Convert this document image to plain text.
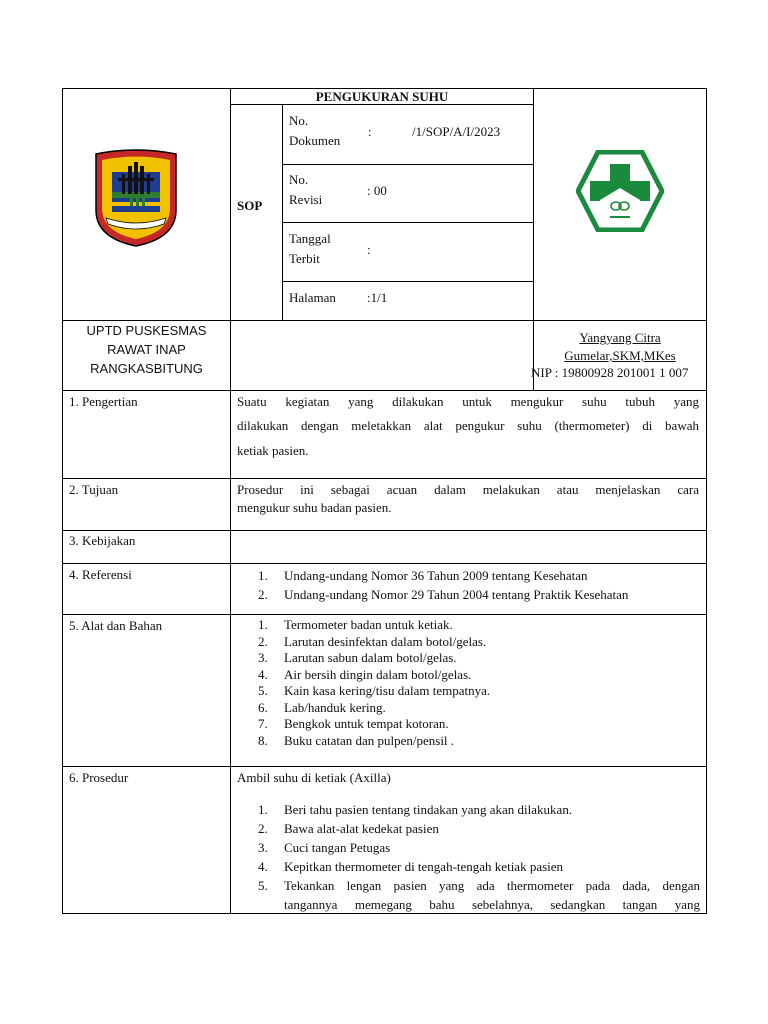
PENGUKURAN SUHU
SOP
No.
Dokumen
:	/1/SOP/A/I/2023
No.
Revisi
: 00
Tanggal
Terbit
:
Halaman :1/1
UPTD PUSKESMAS
RAWAT INAP
RANGKASBITUNG
Yangyang Citra
Gumelar,SKM,MKes
NIP : 19800928 201001 1 007
1. Pengertian	Suatu kegiatan yang dilakukan untuk mengukur suhu tubuh yang
dilakukan dengan meletakkan alat pengukur suhu (thermometer) di bawah
ketiak pasien.
2. Tujuan	Prosedur ini sebagai acuan dalam melakukan atau menjelaskan cara
mengukur suhu badan pasien.
3. Kebijakan
4. Referensi	1. Undang-undang Nomor 36 Tahun 2009 tentang Kesehatan
2. Undang-undang Nomor 29 Tahun 2004 tentang Praktik Kesehatan
5. Alat dan Bahan	1. Termometer badan untuk ketiak.
2. Larutan desinfektan dalam botol/gelas.
3. Larutan sabun dalam botol/gelas.
4. Air bersih dingin dalam botol/gelas.
5. Kain kasa kering/tisu dalam tempatnya.
6. Lab/handuk kering.
7. Bengkok untuk tempat kotoran.
8. Buku catatan dan pulpen/pensil .
6. Prosedur	Ambil suhu di ketiak (Axilla)
1. Beri tahu pasien tentang tindakan yang akan dilakukan.
2. Bawa alat-alat kedekat pasien
3. Cuci tangan Petugas
4. Kepitkan thermometer di tengah-tengah ketiak pasien
5. Tekankan lengan pasien yang ada thermometer pada dada, dengan
tangannya memegang bahu sebelahnya, sedangkan tangan yang
